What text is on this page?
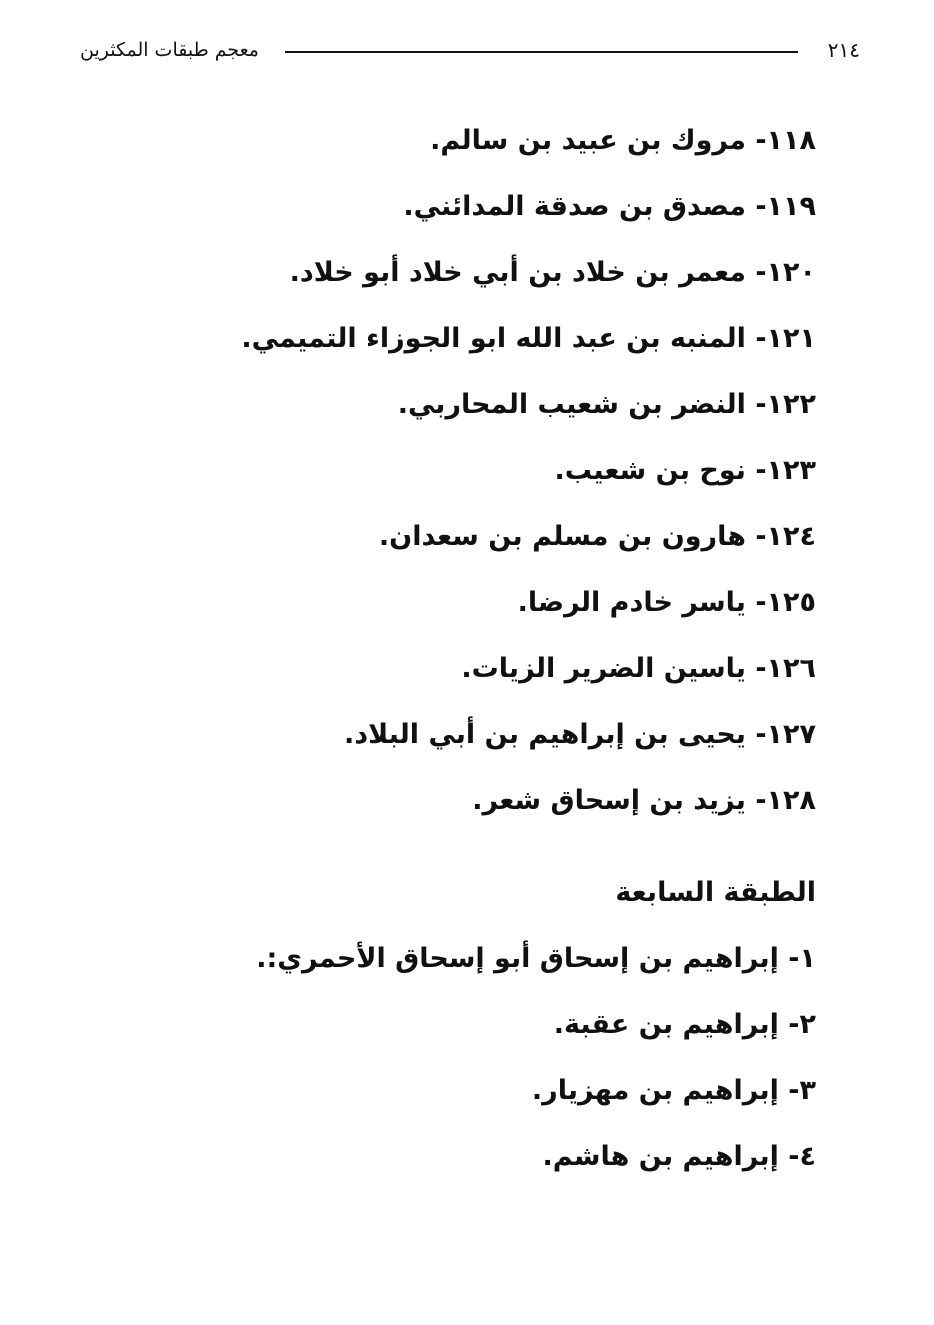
معجم طبقات المكثرين	٢١٤
١١٨- مروك بن عبيد بن سالم.
١١٩- مصدق بن صدقة المدائني.
١٢٠- معمر بن خلاد بن أبي خلاد أبو خلاد.
١٢١- المنبه بن عبد الله ابو الجوزاء التميمي.
١٢٢- النضر بن شعيب المحاربي.
١٢٣- نوح بن شعيب.
١٢٤- هارون بن مسلم بن سعدان.
١٢٥- ياسر خادم الرضا.
١٢٦- ياسين الضرير الزيات.
١٢٧- يحيى بن إبراهيم بن أبي البلاد.
١٢٨- يزيد بن إسحاق شعر.
الطبقة السابعة
١- إبراهيم بن إسحاق أبو إسحاق الأحمري:.
٢- إبراهيم بن عقبة.
٣- إبراهيم بن مهزيار.
٤- إبراهيم بن هاشم.
